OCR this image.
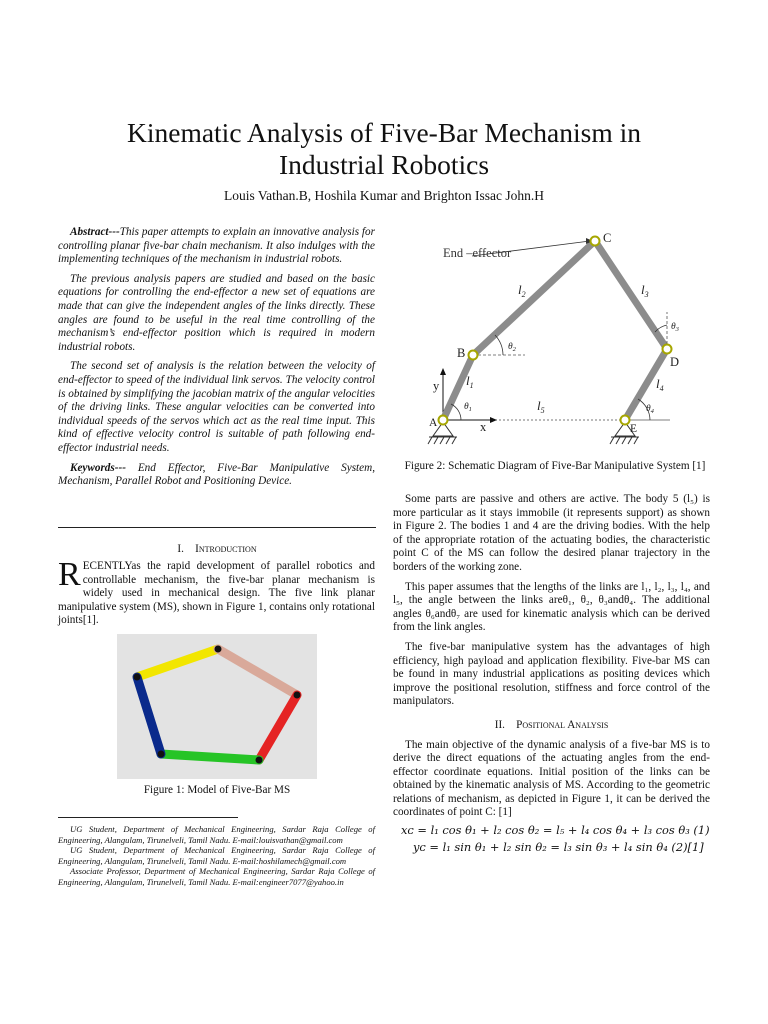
Kinematic Analysis of Five-Bar Mechanism in
Industrial Robotics
Louis Vathan.B, Hoshila Kumar and Brighton Issac John.H

Abstract---This paper attempts to explain an innovative analysis for controlling planar five-bar chain mechanism. It also indulges with the implementing techniques of the mechanism in industrial robots.

The previous analysis papers are studied and based on the basic equations for controlling the end-effector a new set of equations are made that can give the independent angles of the links directly. These angles are found to be useful in the real time controlling of the mechanism’s end-effector position which is required in modern industrial robots.

The second set of analysis is the relation between the velocity of end-effector to speed of the individual link servos. The velocity control is obtained by simplifying the jacobian matrix of the angular velocities of the driving links. These angular velocities can be converted into individual speeds of the servos which act as the real time input. This kind of effective velocity control is suitable of path following end-effector industrial needs.

Keywords--- End Effector, Five-Bar Manipulative System, Mechanism, Parallel Robot and Positioning Device.

I. Introduction

RECENTLYas the rapid development of parallel robotics and controllable mechanism, the five-bar planar mechanism is widely used in mechanical design. The five link planar manipulative system (MS), shown in Figure 1, contains only rotational joints[1].

Figure 1: Model of Five-Bar MS

UG Student, Department of Mechanical Engineering, Sardar Raja College of Engineering, Alangulam, Tirunelveli, Tamil Nadu. E-mail:louisvathan@gmail.com

UG Student, Department of Mechanical Engineering, Sardar Raja College of Engineering, Alangulam, Tirunelveli, Tamil Nadu. E-mail:hoshilamech@gmail.com

Associate Professor, Department of Mechanical Engineering, Sardar Raja College of Engineering, Alangulam, Tirunelveli, Tamil Nadu. E-mail:engineer7077@yahoo.in

End –effector
C
B
D
A	E
y
x
$l_2$	$l_3$
$l_1$	$l_4$
$l_5$
$\theta_1$
$\theta_2$
$\theta_3$
$\theta_4$
Figure 2: Schematic Diagram of Five-Bar Manipulative System [1]

Some parts are passive and others are active. The body 5 (l₅) is more particular as it stays immobile (it represents support) as shown in Figure 2. The bodies 1 and 4 are the driving bodies. With the help of the appropriate rotation of the actuating bodies, the characteristic point C of the MS can follow the desired planar trajectory in the borders of the working zone.

This paper assumes that the lengths of the links are l₁, l₂, l₃, l₄, and l₅, the angle between the links areθ₁, θ₂, θ₃andθ₄. The additional angles θ₆andθ₇ are used for kinematic analysis which can be derived from the link angles.

The five-bar manipulative system has the advantages of high efficiency, high payload and application flexibility. Five-bar MS can be found in many industrial applications as positing devices which improve the positional resolution, stiffness and force control of the manipulators.

II. Positional Analysis

The main objective of the dynamic analysis of a five-bar MS is to derive the direct equations of the actuating angles from the end-effector coordinate equations. Initial position of the links can be obtained by the kinematic analysis of MS. According to the geometric relations of mechanism, as depicted in Figure 1, it can be derived the coordinates of point C: [1]

xᴄ = l₁ cos θ₁ + l₂ cos θ₂ = l₅ + l₄ cos θ₄ + l₃ cos θ₃ (1)
yᴄ = l₁ sin θ₁ + l₂ sin θ₂ = l₃ sin θ₃ + l₄ sin θ₄ (2)[1]
